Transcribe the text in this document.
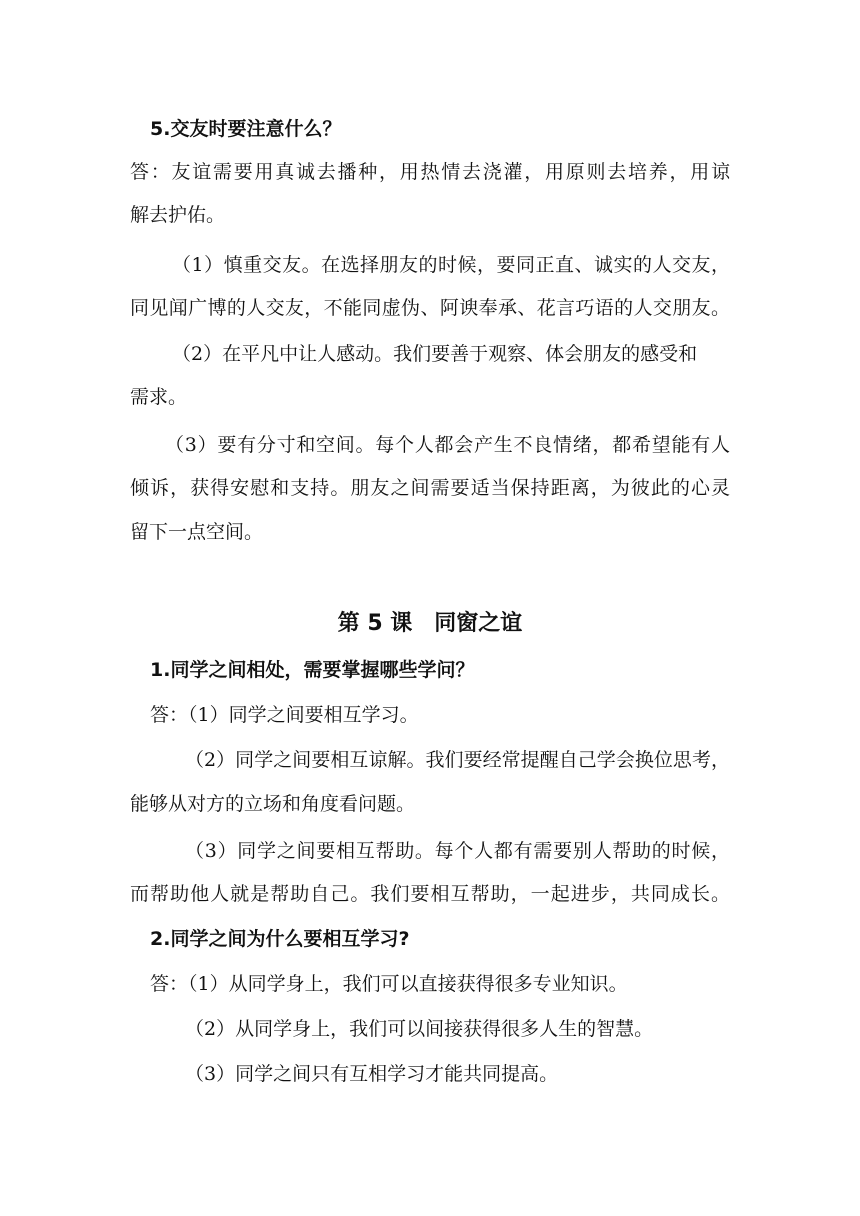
5.交友时要注意什么？
答：友谊需要用真诚去播种，用热情去浇灌，用原则去培养，用谅
解去护佑。
（1）慎重交友。在选择朋友的时候，要同正直、诚实的人交友，
同见闻广博的人交友，不能同虚伪、阿谀奉承、花言巧语的人交朋友。
（2）在平凡中让人感动。我们要善于观察、体会朋友的感受和
需求。
（3）要有分寸和空间。每个人都会产生不良情绪，都希望能有人
倾诉，获得安慰和支持。朋友之间需要适当保持距离，为彼此的心灵
留下一点空间。
第 5 课　同窗之谊
1.同学之间相处，需要掌握哪些学问？
答：（1）同学之间要相互学习。
（2）同学之间要相互谅解。我们要经常提醒自己学会换位思考，
能够从对方的立场和角度看问题。
（3）同学之间要相互帮助。每个人都有需要别人帮助的时候，
而帮助他人就是帮助自己。我们要相互帮助，一起进步，共同成长。
2.同学之间为什么要相互学习?
答：（1）从同学身上，我们可以直接获得很多专业知识。
（2）从同学身上，我们可以间接获得很多人生的智慧。
（3）同学之间只有互相学习才能共同提高。
